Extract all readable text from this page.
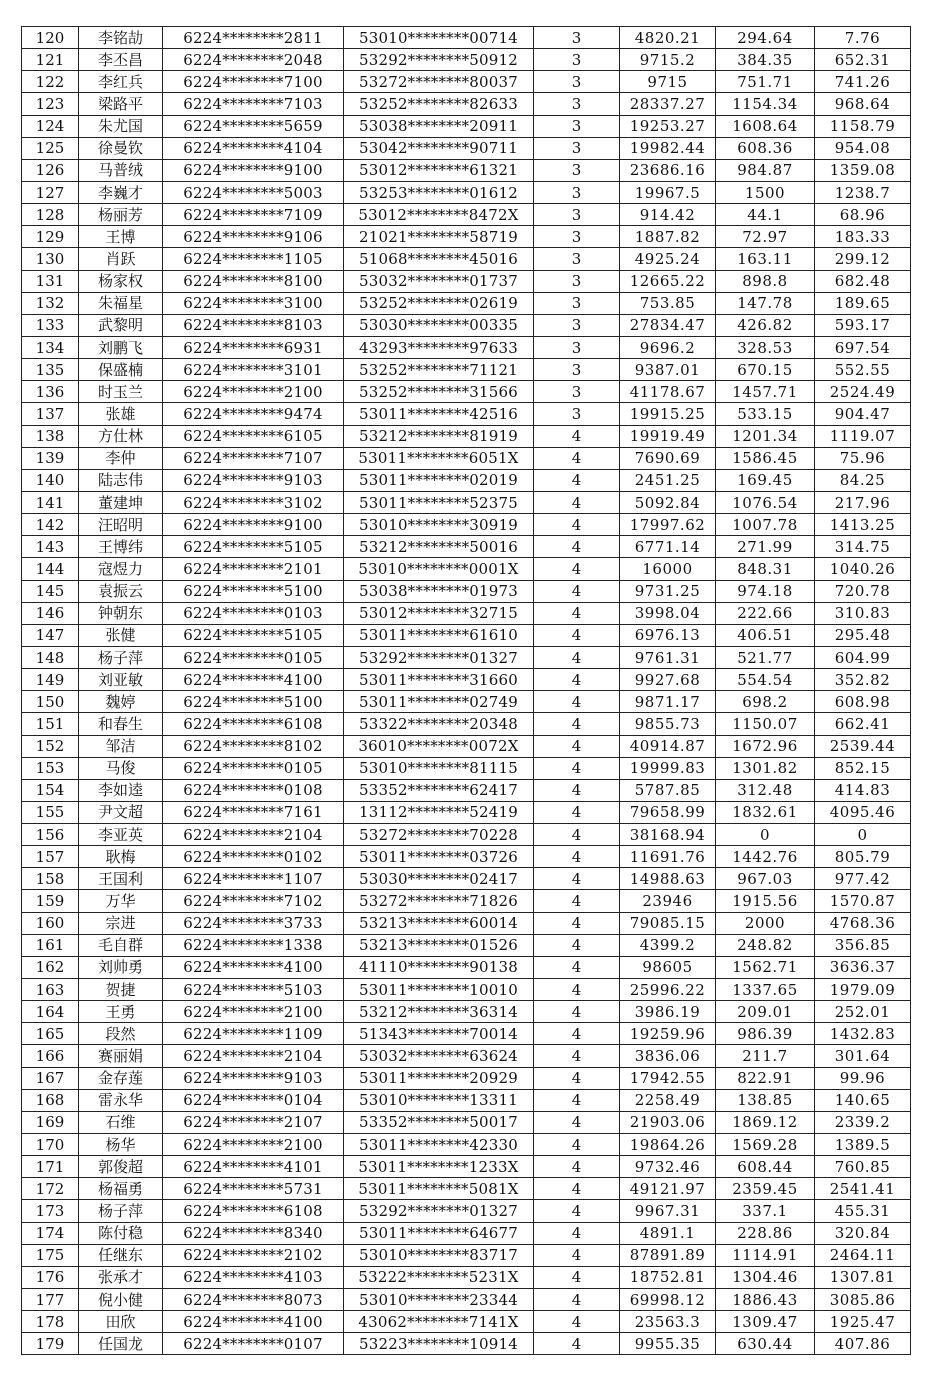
120	李铭劼	6224********2811	53010********00714	3	4820.21	294.64	7.76
121	李丕昌	6224********2048	53292********50912	3	9715.2	384.35	652.31
122	李红兵	6224********7100	53272********80037	3	9715	751.71	741.26
123	梁路平	6224********7103	53252********82633	3	28337.27	1154.34	968.64
124	朱尤国	6224********5659	53038********20911	3	19253.27	1608.64	1158.79
125	徐曼钦	6224********4104	53042********90711	3	19982.44	608.36	954.08
126	马普绒	6224********9100	53012********61321	3	23686.16	984.87	1359.08
127	李巍才	6224********5003	53253********01612	3	19967.5	1500	1238.7
128	杨丽芳	6224********7109	53012********8472X	3	914.42	44.1	68.96
129	王博	6224********9106	21021********58719	3	1887.82	72.97	183.33
130	肖跃	6224********1105	51068********45016	3	4925.24	163.11	299.12
131	杨家权	6224********8100	53032********01737	3	12665.22	898.8	682.48
132	朱福星	6224********3100	53252********02619	3	753.85	147.78	189.65
133	武黎明	6224********8103	53030********00335	3	27834.47	426.82	593.17
134	刘鹏飞	6224********6931	43293********97633	3	9696.2	328.53	697.54
135	保盛楠	6224********3101	53252********71121	3	9387.01	670.15	552.55
136	时玉兰	6224********2100	53252********31566	3	41178.67	1457.71	2524.49
137	张雄	6224********9474	53011********42516	3	19915.25	533.15	904.47
138	方仕林	6224********6105	53212********81919	4	19919.49	1201.34	1119.07
139	李仲	6224********7107	53011********6051X	4	7690.69	1586.45	75.96
140	陆志伟	6224********9103	53011********02019	4	2451.25	169.45	84.25
141	董建坤	6224********3102	53011********52375	4	5092.84	1076.54	217.96
142	汪昭明	6224********9100	53010********30919	4	17997.62	1007.78	1413.25
143	王博纬	6224********5105	53212********50016	4	6771.14	271.99	314.75
144	寇煜力	6224********2101	53010********0001X	4	16000	848.31	1040.26
145	袁振云	6224********5100	53038********01973	4	9731.25	974.18	720.78
146	钟朝东	6224********0103	53012********32715	4	3998.04	222.66	310.83
147	张健	6224********5105	53011********61610	4	6976.13	406.51	295.48
148	杨子萍	6224********0105	53292********01327	4	9761.31	521.77	604.99
149	刘亚敏	6224********4100	53011********31660	4	9927.68	554.54	352.82
150	魏婷	6224********5100	53011********02749	4	9871.17	698.2	608.98
151	和春生	6224********6108	53322********20348	4	9855.73	1150.07	662.41
152	邹洁	6224********8102	36010********0072X	4	40914.87	1672.96	2539.44
153	马俊	6224********0105	53010********81115	4	19999.83	1301.82	852.15
154	李如逵	6224********0108	53352********62417	4	5787.85	312.48	414.83
155	尹文超	6224********7161	13112********52419	4	79658.99	1832.61	4095.46
156	李亚英	6224********2104	53272********70228	4	38168.94	0	0
157	耿梅	6224********0102	53011********03726	4	11691.76	1442.76	805.79
158	王国利	6224********1107	53030********02417	4	14988.63	967.03	977.42
159	万华	6224********7102	53272********71826	4	23946	1915.56	1570.87
160	宗进	6224********3733	53213********60014	4	79085.15	2000	4768.36
161	毛自群	6224********1338	53213********01526	4	4399.2	248.82	356.85
162	刘帅勇	6224********4100	41110********90138	4	98605	1562.71	3636.37
163	贺捷	6224********5103	53011********10010	4	25996.22	1337.65	1979.09
164	王勇	6224********2100	53212********36314	4	3986.19	209.01	252.01
165	段然	6224********1109	51343********70014	4	19259.96	986.39	1432.83
166	赛丽娟	6224********2104	53032********63624	4	3836.06	211.7	301.64
167	金存莲	6224********9103	53011********20929	4	17942.55	822.91	99.96
168	雷永华	6224********0104	53010********13311	4	2258.49	138.85	140.65
169	石维	6224********2107	53352********50017	4	21903.06	1869.12	2339.2
170	杨华	6224********2100	53011********42330	4	19864.26	1569.28	1389.5
171	郭俊超	6224********4101	53011********1233X	4	9732.46	608.44	760.85
172	杨福勇	6224********5731	53011********5081X	4	49121.97	2359.45	2541.41
173	杨子萍	6224********6108	53292********01327	4	9967.31	337.1	455.31
174	陈付稳	6224********8340	53011********64677	4	4891.1	228.86	320.84
175	任继东	6224********2102	53010********83717	4	87891.89	1114.91	2464.11
176	张承才	6224********4103	53222********5231X	4	18752.81	1304.46	1307.81
177	倪小健	6224********8073	53010********23344	4	69998.12	1886.43	3085.86
178	田欣	6224********4100	43062********7141X	4	23563.3	1309.47	1925.47
179	任国龙	6224********0107	53223********10914	4	9955.35	630.44	407.86
